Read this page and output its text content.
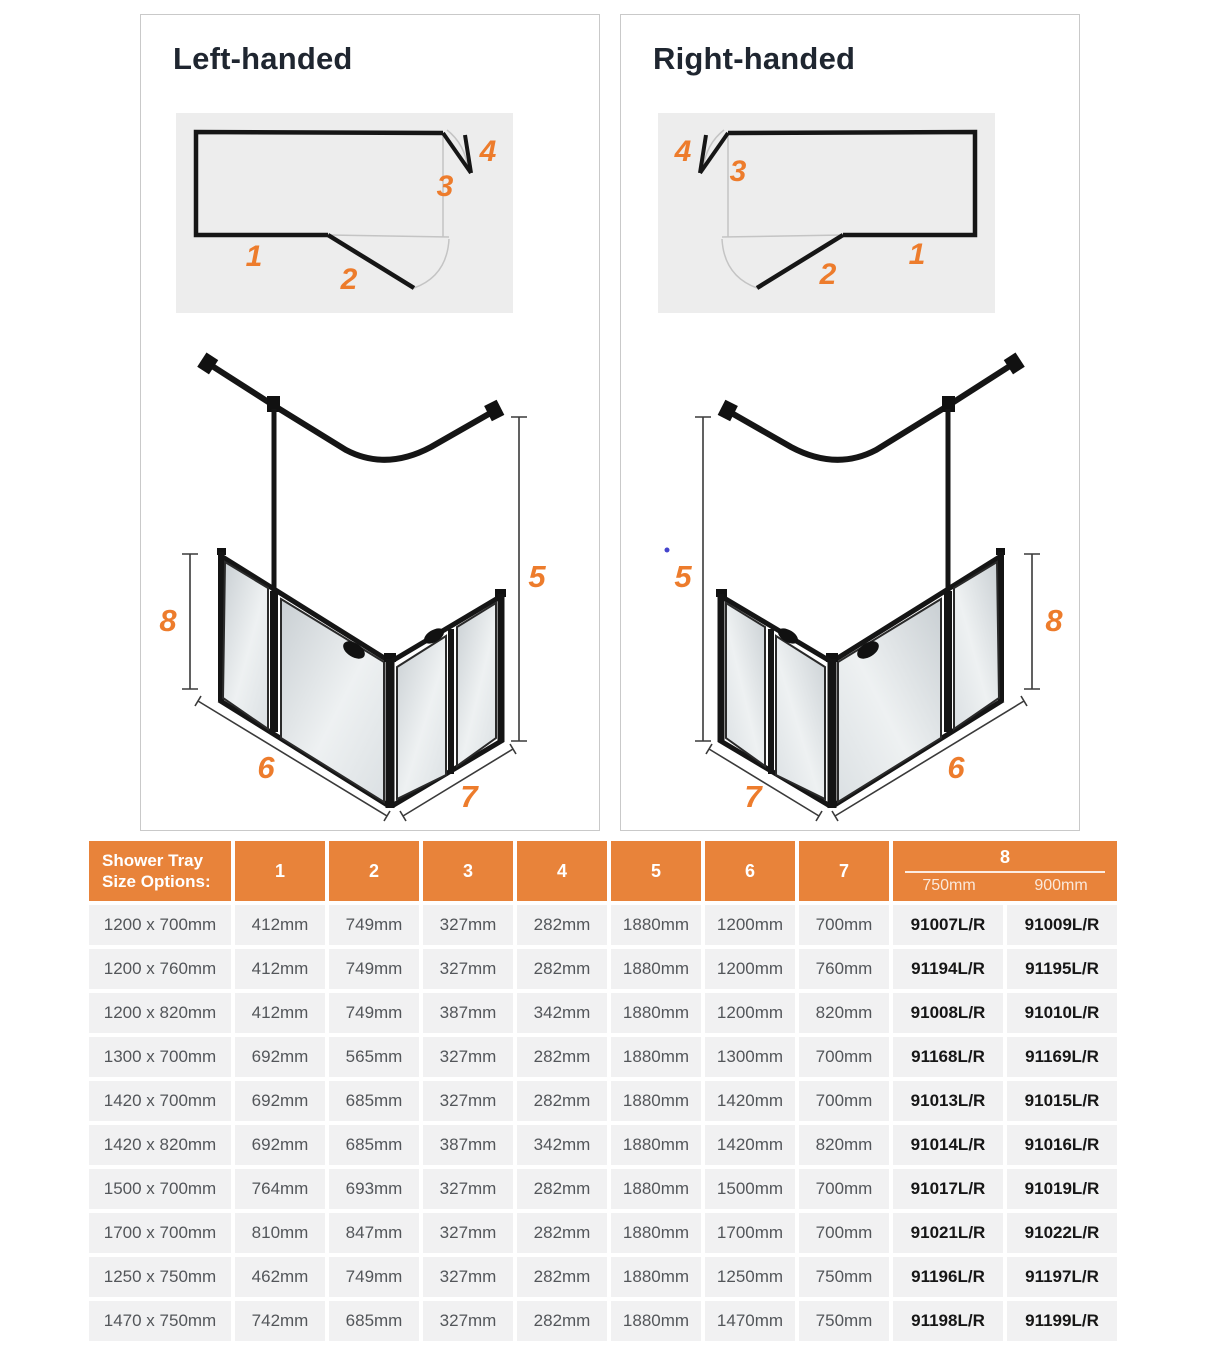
Left-handed
1
2
3
4
5
8
6
7
Right-handed
4
3
2
1
5
8
6
7
Shower Tray Size Options:	1	2	3	4	5	6	7	8
750mm 900mm	

1200 x 700mm	412mm	749mm	327mm	282mm	1880mm	1200mm	700mm	91007L/R	91009L/R
1200 x 760mm	412mm	749mm	327mm	282mm	1880mm	1200mm	760mm	91194L/R	91195L/R
1200 x 820mm	412mm	749mm	387mm	342mm	1880mm	1200mm	820mm	91008L/R	91010L/R
1300 x 700mm	692mm	565mm	327mm	282mm	1880mm	1300mm	700mm	91168L/R	91169L/R
1420 x 700mm	692mm	685mm	327mm	282mm	1880mm	1420mm	700mm	91013L/R	91015L/R
1420 x 820mm	692mm	685mm	387mm	342mm	1880mm	1420mm	820mm	91014L/R	91016L/R
1500 x 700mm	764mm	693mm	327mm	282mm	1880mm	1500mm	700mm	91017L/R	91019L/R
1700 x 700mm	810mm	847mm	327mm	282mm	1880mm	1700mm	700mm	91021L/R	91022L/R
1250 x 750mm	462mm	749mm	327mm	282mm	1880mm	1250mm	750mm	91196L/R	91197L/R
1470 x 750mm	742mm	685mm	327mm	282mm	1880mm	1470mm	750mm	91198L/R	91199L/R
